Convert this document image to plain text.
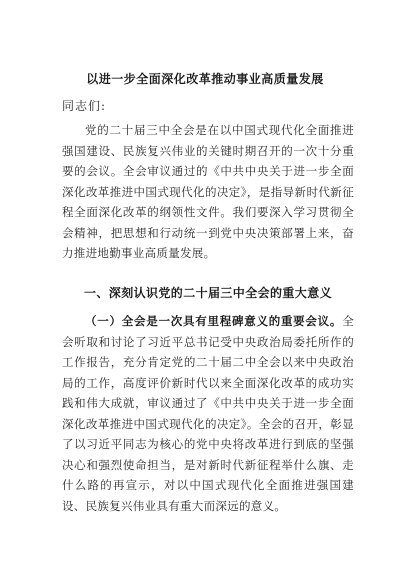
以进一步全面深化改革推动事业高质量发展
同志们:

党的二十届三中全会是在以中国式现代化全面推进强国建设、民族复兴伟业的关键时期召开的一次十分重要的会议。全会审议通过的《中共中央关于进一步全面深化改革推进中国式现代化的决定》，是指导新时代新征程全面深化改革的纲领性文件。我们要深入学习贯彻全会精神，把思想和行动统一到党中央决策部署上来，奋力推进地勤事业高质量发展。

一、深刻认识党的二十届三中全会的重大意义

（一）全会是一次具有里程碑意义的重要会议。全会听取和讨论了习近平总书记受中央政治局委托所作的工作报告，充分肯定党的二十届二中全会以来中央政治局的工作，高度评价新时代以来全面深化改革的成功实践和伟大成就，审议通过了《中共中央关于进一步全面深化改革推进中国式现代化的决定》。全会的召开，彰显了以习近平同志为核心的党中央将改革进行到底的坚强决心和强烈使命担当，是对新时代新征程举什么旗、走什么路的再宣示，对以中国式现代化全面推进强国建设、民族复兴伟业具有重大而深远的意义。
